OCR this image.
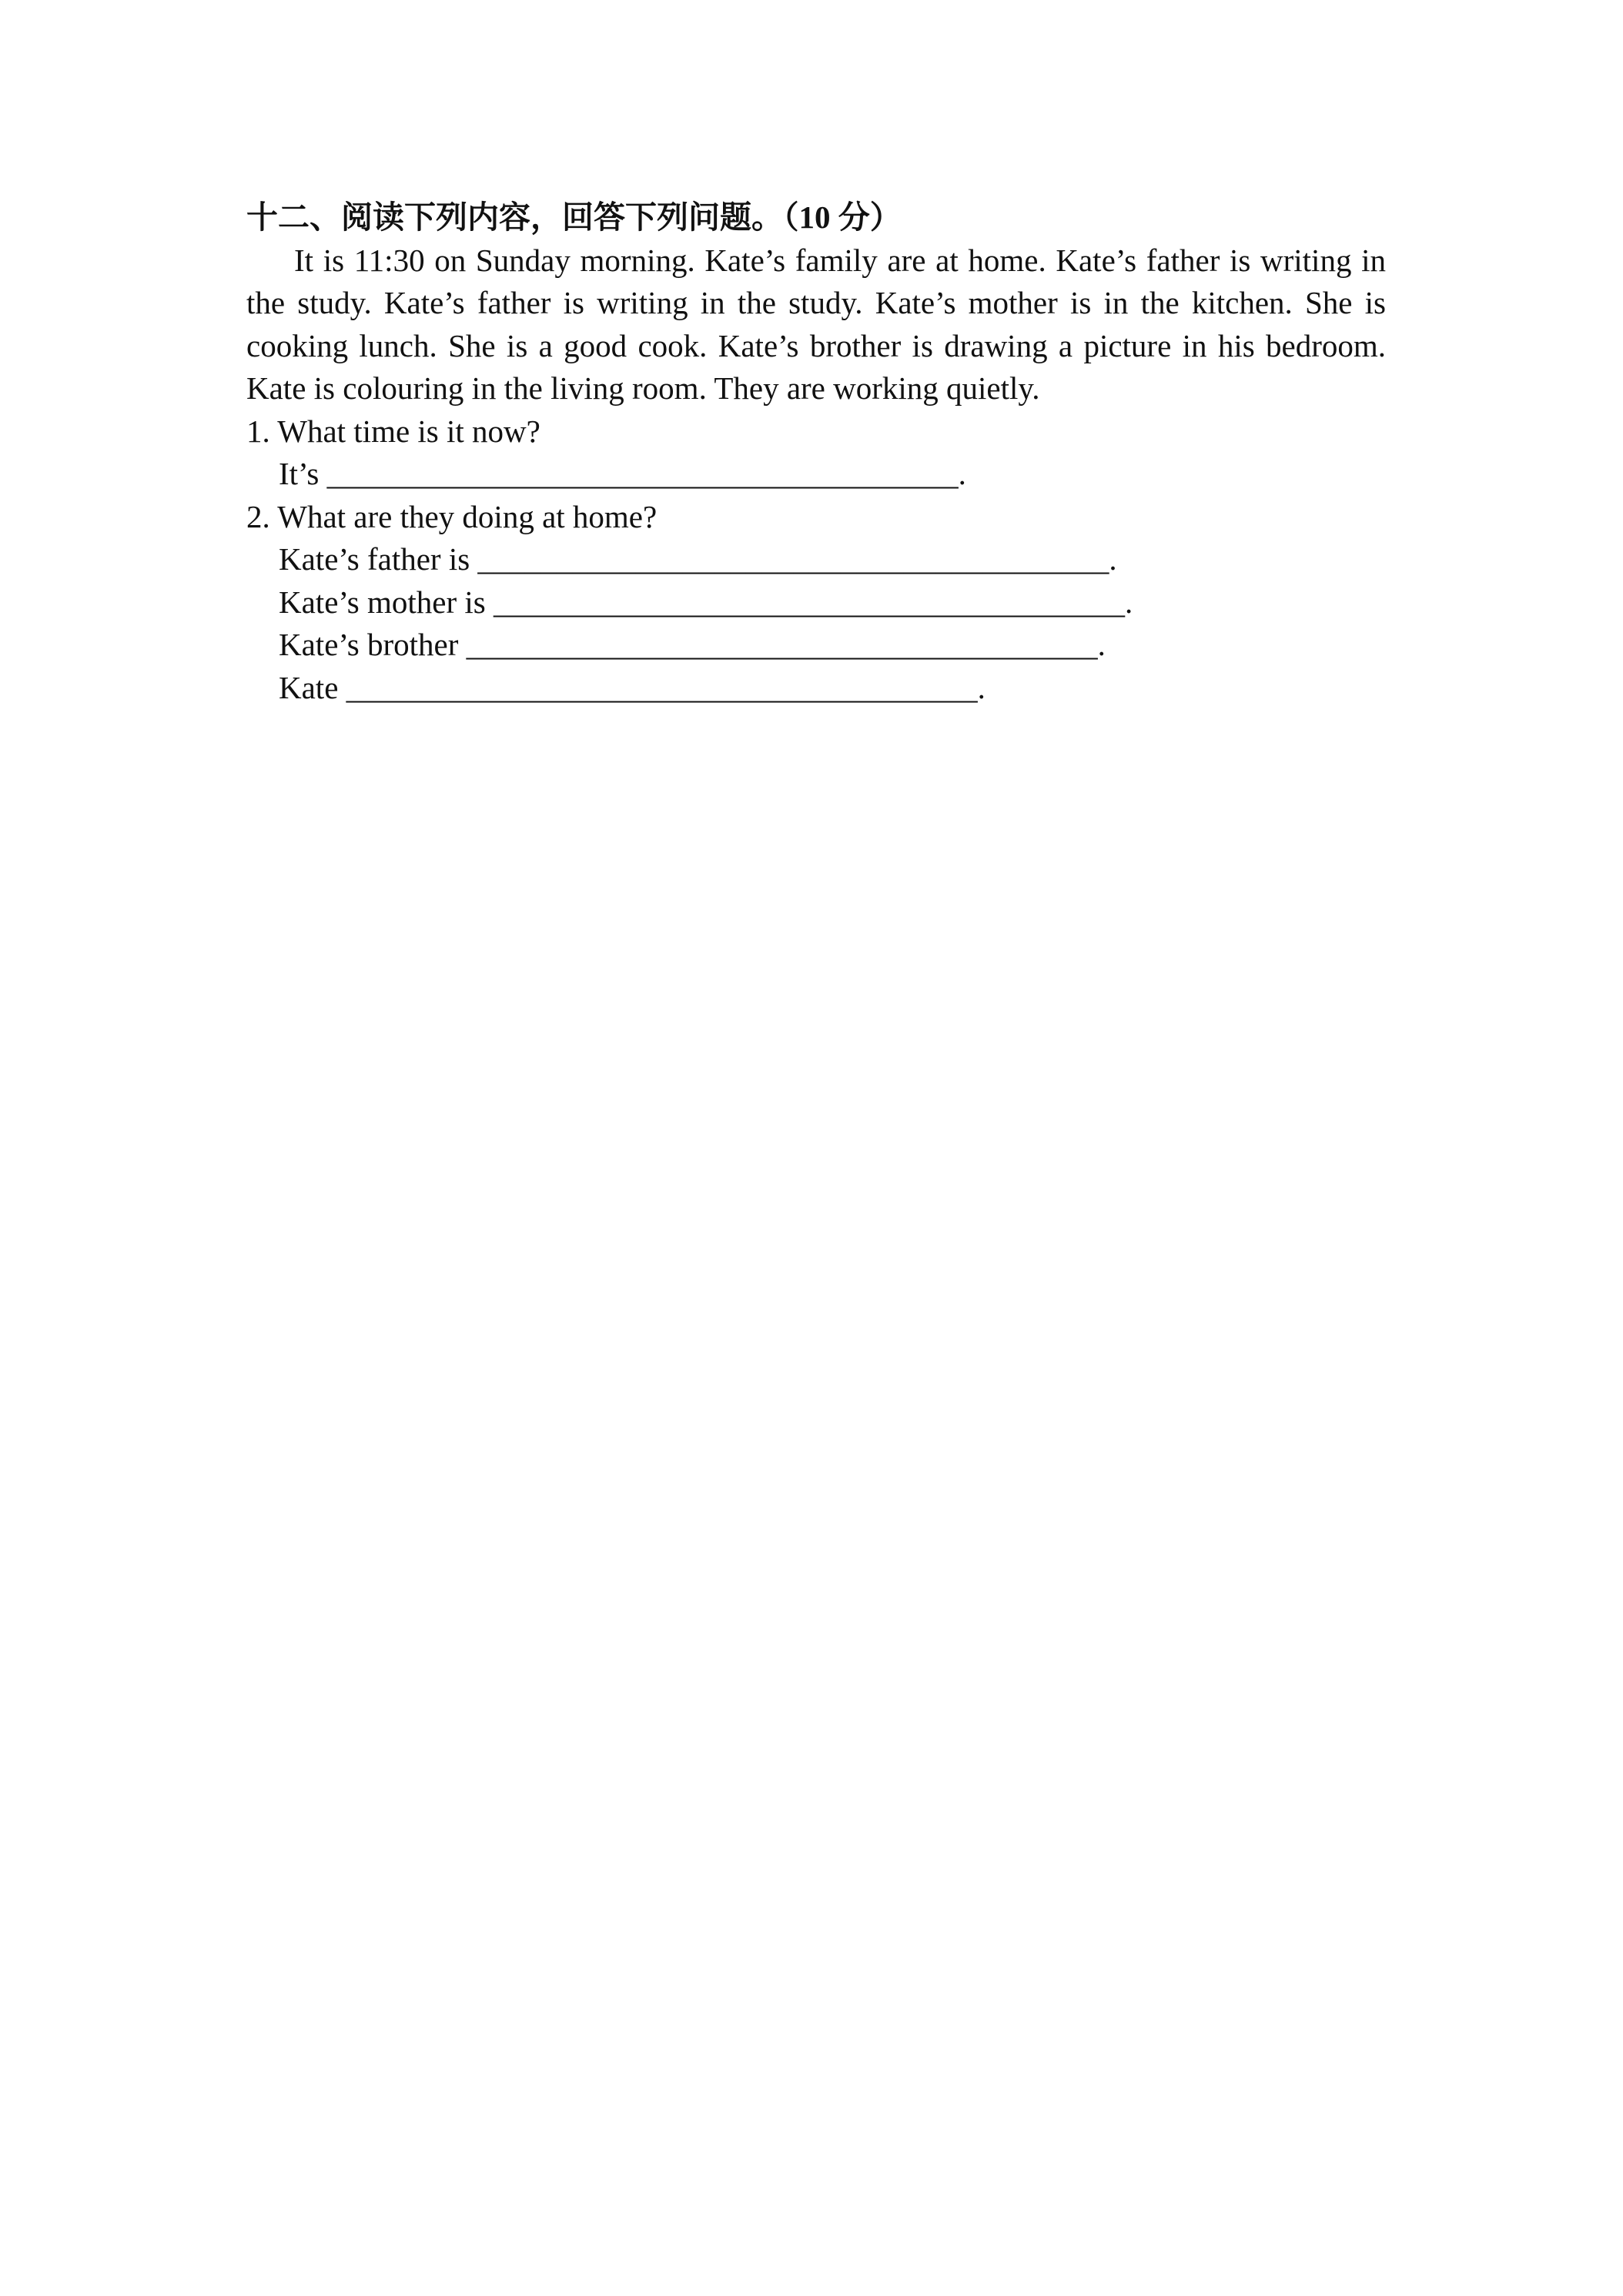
十二、阅读下列内容，回答下列问题。（10 分）

It is 11:30 on Sunday morning. Kate’s family are at home. Kate’s father is writing in the study. Kate’s father is writing in the study. Kate’s mother is in the kitchen. She is cooking lunch. She is a good cook. Kate’s brother is drawing a picture in his bedroom. Kate is colouring in the living room. They are working quietly.

1. What time is it now?

It’s ________________________________________.

2. What are they doing at home?

Kate’s father is ________________________________________.

Kate’s mother is ________________________________________.

Kate’s brother ________________________________________.

Kate ________________________________________.
